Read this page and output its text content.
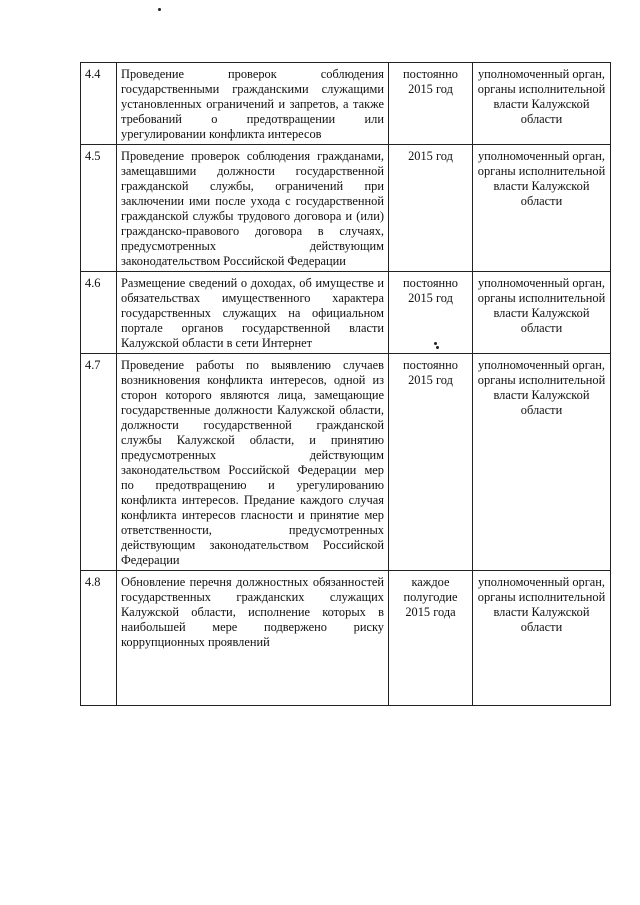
4.4	Проведение проверок соблюдения государственными гражданскими служащими установленных ограничений и запретов, а также требований о предотвращении или урегулировании конфликта интересов	постоянно 2015 год	уполномоченный орган, органы исполнительной власти Калужской области
4.5	Проведение проверок соблюдения гражданами, замещавшими должности государственной гражданской службы, ограничений при заключении ими после ухода с государственной гражданской службы трудового договора и (или) гражданско-правового договора в случаях, предусмотренных действующим законодательством Российской Федерации	2015 год	уполномоченный орган, органы исполнительной власти Калужской области
4.6	Размещение сведений о доходах, об имуществе и обязательствах имущественного характера государственных служащих на официальном портале органов государственной власти Калужской области в сети Интернет	постоянно 2015 год	уполномоченный орган, органы исполнительной власти Калужской области
4.7	Проведение работы по выявлению случаев возникновения конфликта интересов, одной из сторон которого являются лица, замещающие государственные должности Калужской области, должности государственной гражданской службы Калужской области, и принятию предусмотренных действующим законодательством Российской Федерации мер по предотвращению и урегулированию конфликта интересов. Предание каждого случая конфликта интересов гласности и принятие мер ответственности, предусмотренных действующим законодательством Российской Федерации	постоянно 2015 год	уполномоченный орган, органы исполнительной власти Калужской области
4.8	Обновление перечня должностных обязанностей государственных гражданских служащих Калужской области, исполнение которых в наибольшей мере подвержено риску коррупционных проявлений	каждое полугодие 2015 года	уполномоченный орган, органы исполнительной власти Калужской области
